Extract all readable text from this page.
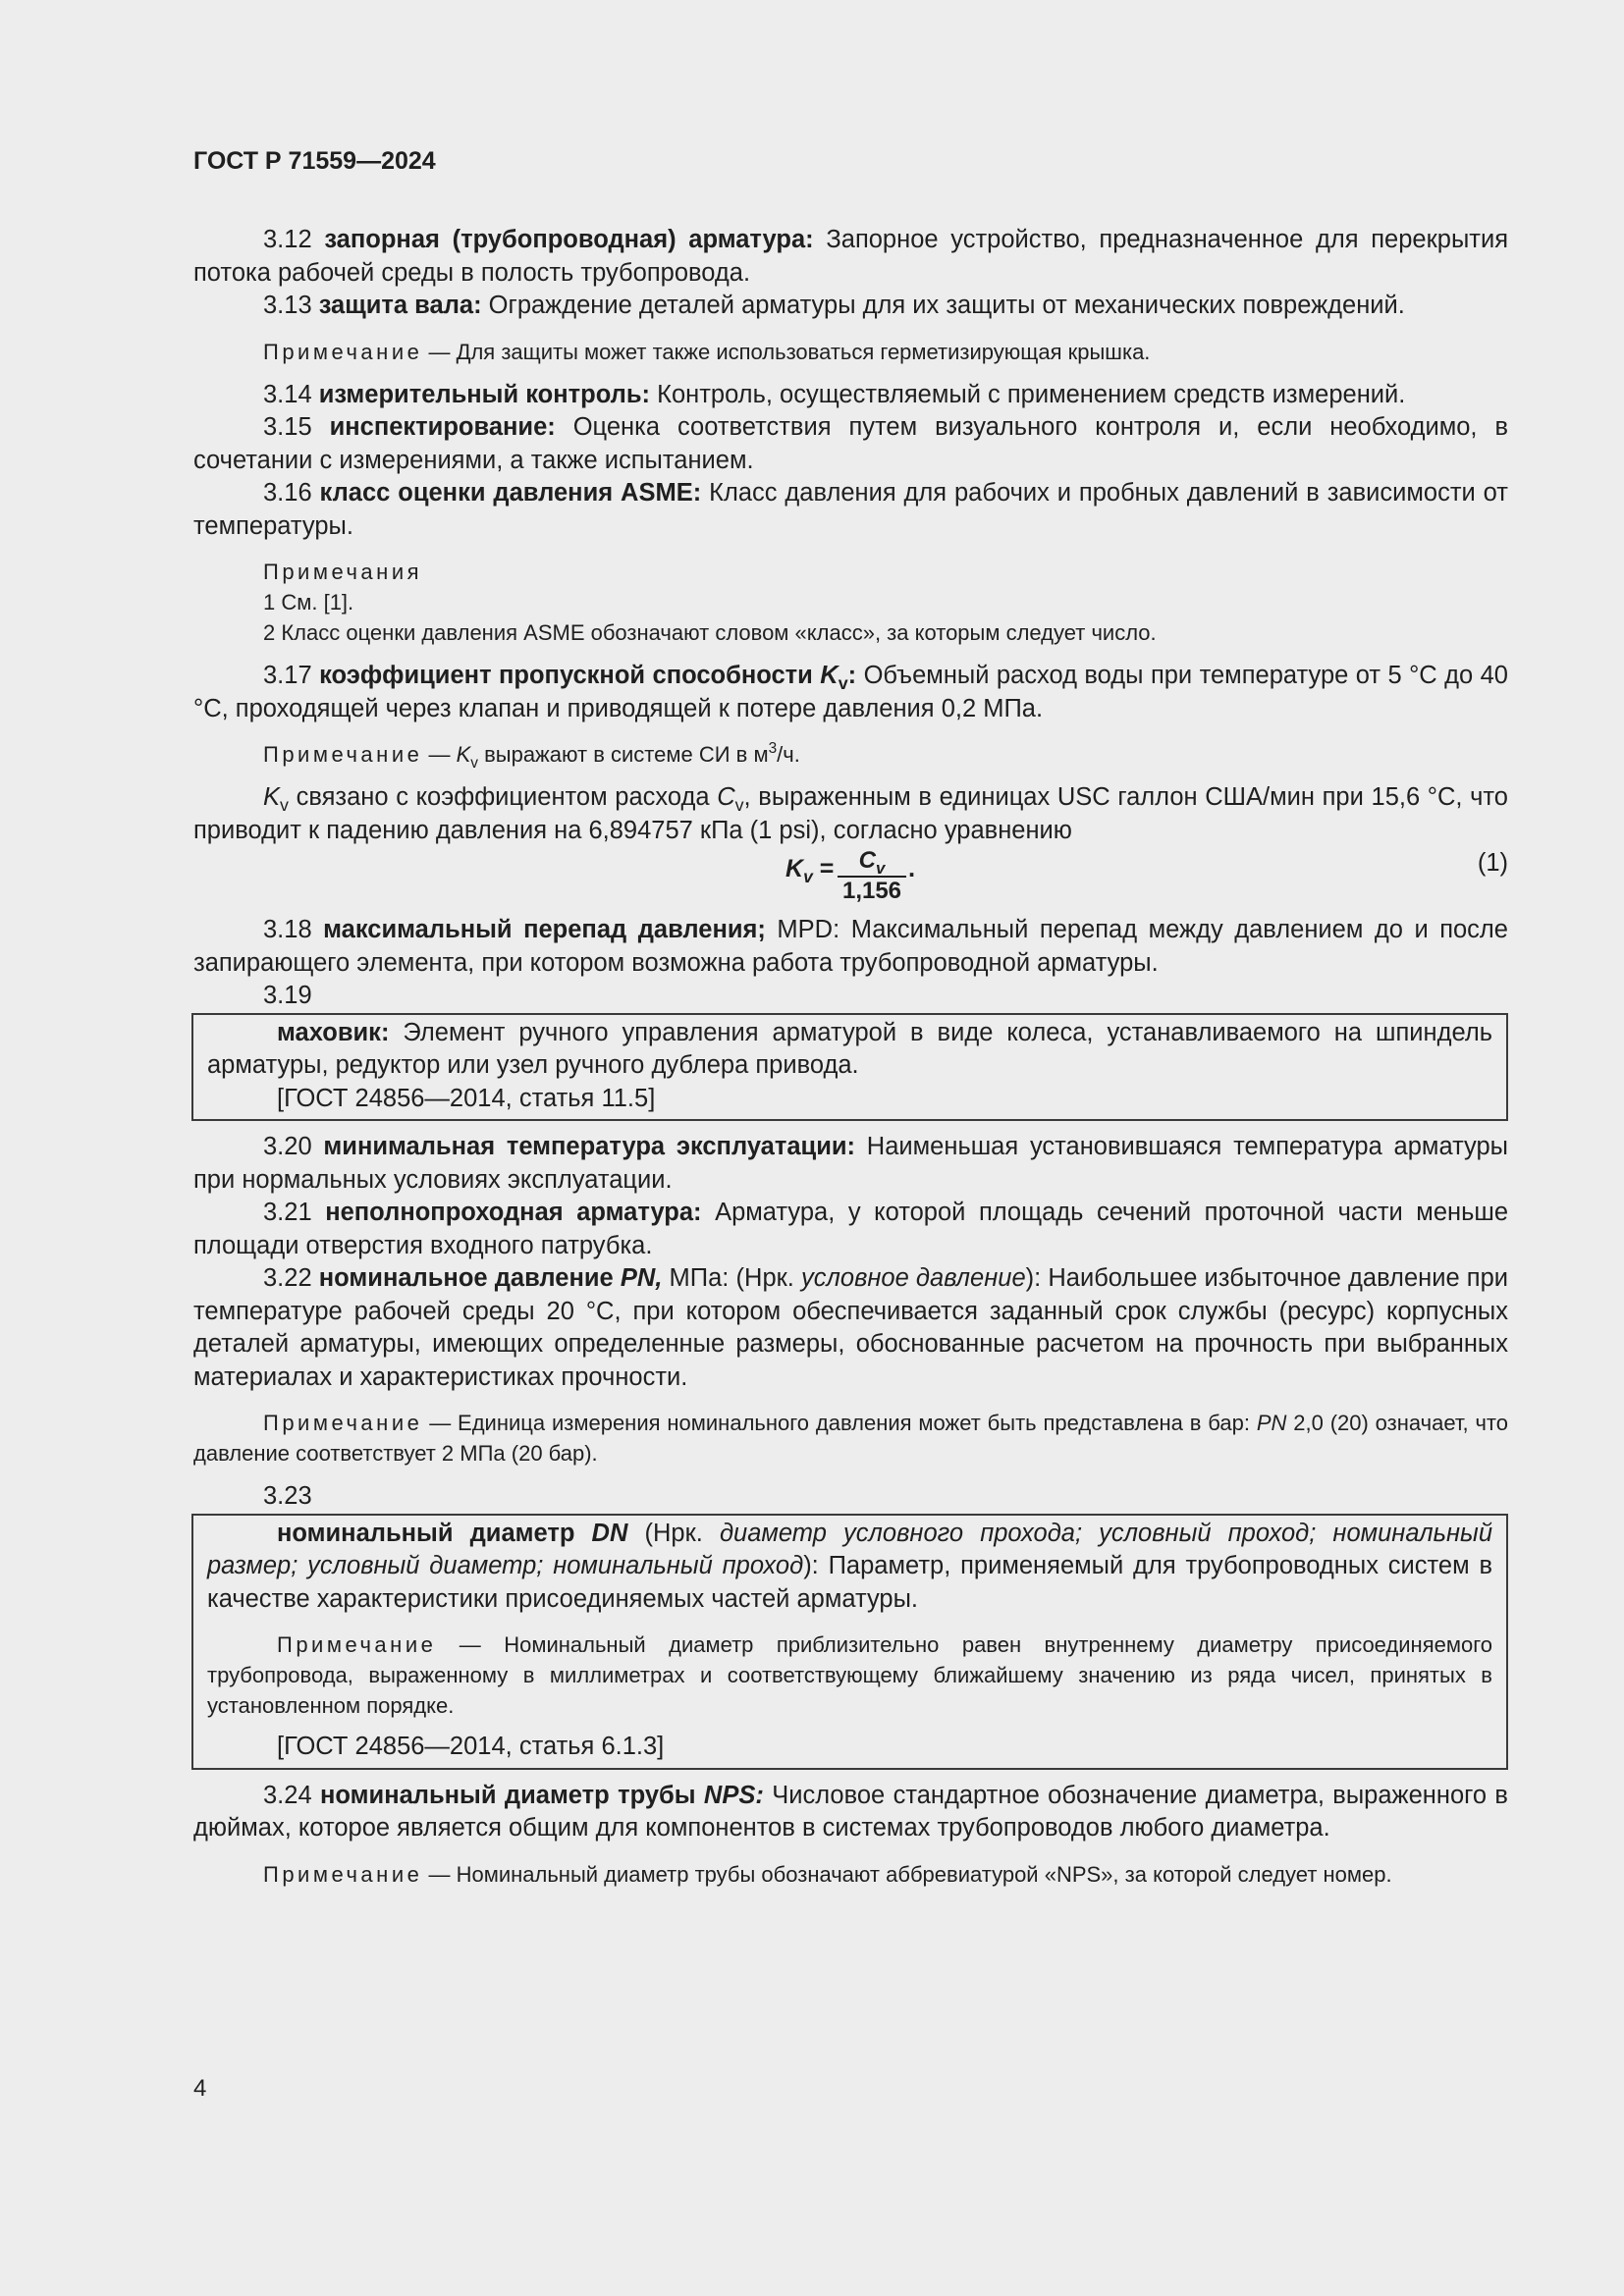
ГОСТ Р 71559—2024

3.12 запорная (трубопроводная) арматура: Запорное устройство, предназначенное для перекрытия потока рабочей среды в полость трубопровода.

3.13 защита вала: Ограждение деталей арматуры для их защиты от механических повреждений.

Примечание — Для защиты может также использоваться герметизирующая крышка.

3.14 измерительный контроль: Контроль, осуществляемый с применением средств измерений.

3.15 инспектирование: Оценка соответствия путем визуального контроля и, если необходимо, в сочетании с измерениями, а также испытанием.

3.16 класс оценки давления ASME: Класс давления для рабочих и пробных давлений в зависимости от температуры.

Примечания
1 См. [1].
2 Класс оценки давления ASME обозначают словом «класс», за которым следует число.

3.17 коэффициент пропускной способности $K_v$: Объемный расход воды при температуре от 5 °С до 40 °С, проходящей через клапан и приводящей к потере давления 0,2 МПа.

Примечание — $K_v$ выражают в системе СИ в $м^3/ч$.

$K_v$ связано с коэффициентом расхода $C_v$, выраженным в единицах USC галлон США/мин при 15,6 °С, что приводит к падению давления на 6,894757 кПа (1 psi), согласно уравнению

$K_v = \frac{C_v}{1,156}$ .	(1)

3.18 максимальный перепад давления; MPD: Максимальный перепад между давлением до и после запирающего элемента, при котором возможна работа трубопроводной арматуры.

3.19

маховик: Элемент ручного управления арматурой в виде колеса, устанавливаемого на шпиндель арматуры, редуктор или узел ручного дублера привода.

[ГОСТ 24856—2014, статья 11.5]

3.20 минимальная температура эксплуатации: Наименьшая установившаяся температура арматуры при нормальных условиях эксплуатации.

3.21 неполнопроходная арматура: Арматура, у которой площадь сечений проточной части меньше площади отверстия входного патрубка.

3.22 номинальное давление PN, МПа: (Нрк. условное давление): Наибольшее избыточное давление при температуре рабочей среды 20 °С, при котором обеспечивается заданный срок службы (ресурс) корпусных деталей арматуры, имеющих определенные размеры, обоснованные расчетом на прочность при выбранных материалах и характеристиках прочности.

Примечание — Единица измерения номинального давления может быть представлена в бар: PN 2,0 (20) означает, что давление соответствует 2 МПа (20 бар).

3.23

номинальный диаметр DN (Нрк. диаметр условного прохода; условный проход; номинальный размер; условный диаметр; номинальный проход): Параметр, применяемый для трубопроводных систем в качестве характеристики присоединяемых частей арматуры.

Примечание — Номинальный диаметр приблизительно равен внутреннему диаметру присоединяемого трубопровода, выраженному в миллиметрах и соответствующему ближайшему значению из ряда чисел, принятых в установленном порядке.

[ГОСТ 24856—2014, статья 6.1.3]

3.24 номинальный диаметр трубы NPS: Числовое стандартное обозначение диаметра, выраженного в дюймах, которое является общим для компонентов в системах трубопроводов любого диаметра.

Примечание — Номинальный диаметр трубы обозначают аббревиатурой «NPS», за которой следует номер.

4
